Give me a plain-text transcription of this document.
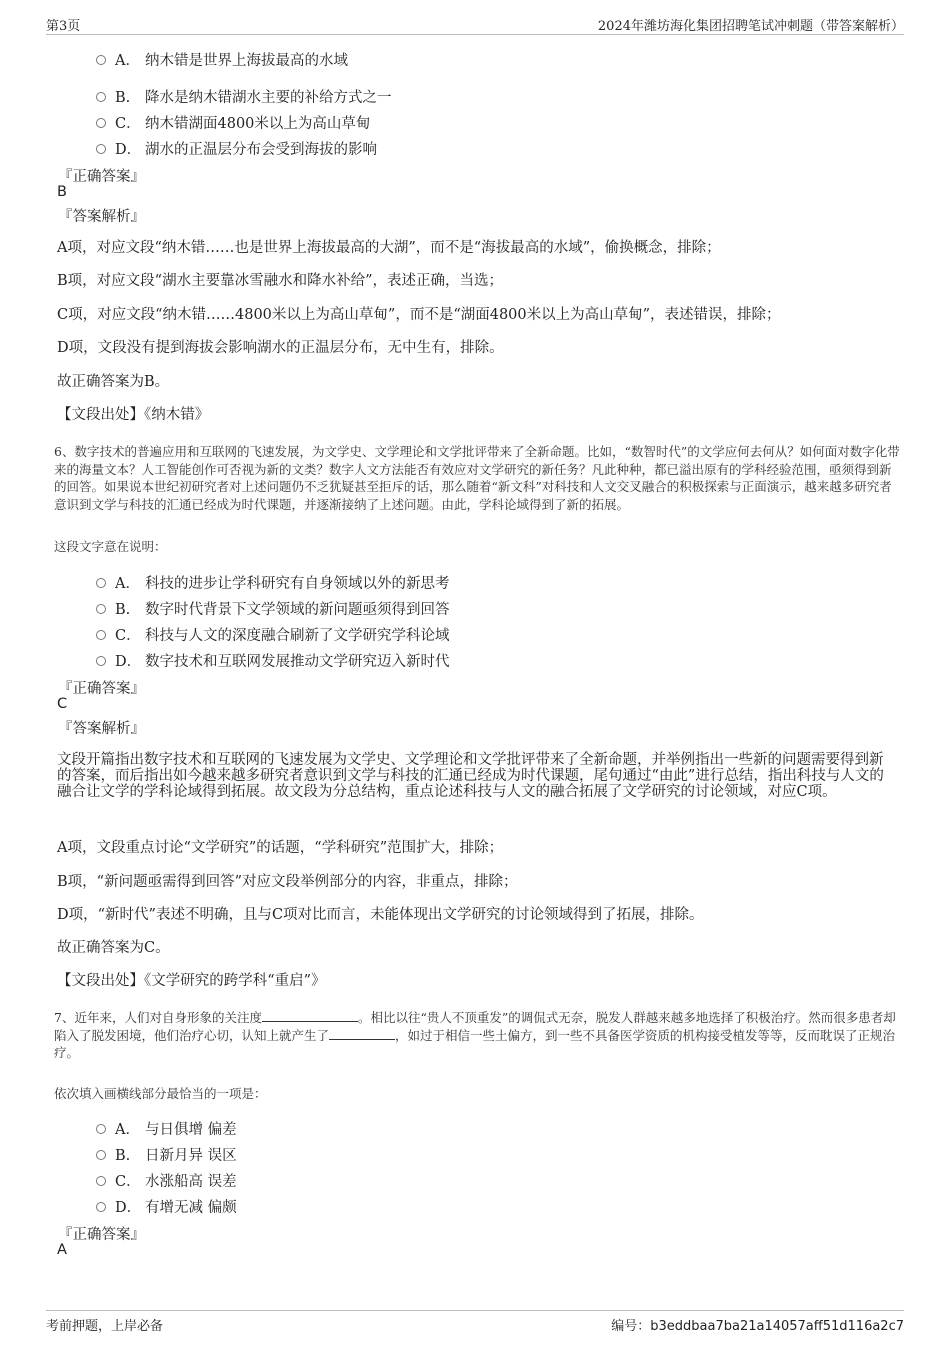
第3页	2024年潍坊海化集团招聘笔试冲刺题（带答案解析）
A． 纳木错是世界上海拔最高的水域
B. 降水是纳木错湖水主要的补给方式之一
C． 纳木错湖面4800米以上为高山草甸
D． 湖水的正温层分布会受到海拔的影响
『正确答案』
B
『答案解析』
A项，对应文段“纳木错……也是世界上海拔最高的大湖”，而不是“海拔最高的水域”，偷换概念，排除；
B项，对应文段“湖水主要靠冰雪融水和降水补给”，表述正确，当选；
C项，对应文段“纳木错……4800米以上为高山草甸”，而不是“湖面4800米以上为高山草甸”，表述错误，排除；
D项，文段没有提到海拔会影响湖水的正温层分布，无中生有，排除。
故正确答案为B。
【文段出处】《纳木错》
6、数字技术的普遍应用和互联网的飞速发展，为文学史、文学理论和文学批评带来了全新命题。比如，“数智时代”的文学应何去何从？如何面对数字化带来的海量文本？人工智能创作可否视为新的文类？数字人文方法能否有效应对文学研究的新任务？凡此种种，都已溢出原有的学科经验范围，亟须得到新的回答。如果说本世纪初研究者对上述问题仍不乏犹疑甚至拒斥的话，那么随着“新文科”对科技和人文交叉融合的积极探索与正面演示，越来越多研究者意识到文学与科技的汇通已经成为时代课题，并逐渐接纳了上述问题。由此，学科论域得到了新的拓展。
这段文字意在说明：
A． 科技的进步让学科研究有自身领域以外的新思考
B. 数字时代背景下文学领域的新问题亟须得到回答
C． 科技与人文的深度融合刷新了文学研究学科论域
D． 数字技术和互联网发展推动文学研究迈入新时代
『正确答案』
C
『答案解析』
文段开篇指出数字技术和互联网的飞速发展为文学史、文学理论和文学批评带来了全新命题，并举例指出一些新的问题需要得到新的答案，而后指出如今越来越多研究者意识到文学与科技的汇通已经成为时代课题，尾句通过“由此”进行总结，指出科技与人文的融合让文学的学科论域得到拓展。故文段为分总结构，重点论述科技与人文的融合拓展了文学研究的讨论领域，对应C项。
A项，文段重点讨论“文学研究”的话题，“学科研究”范围扩大，排除；
B项，“新问题亟需得到回答”对应文段举例部分的内容，非重点，排除；
D项，“新时代”表述不明确，且与C项对比而言，未能体现出文学研究的讨论领域得到了拓展，排除。
故正确答案为C。
【文段出处】《文学研究的跨学科“重启”》
7、近年来，人们对自身形象的关注度	。相比以往“贵人不顶重发”的调侃式无奈，脱发人群越来越多地选择了积极治疗。然而很多患者却陷入了脱发困境，他们治疗心切，认知上就产生了	，如过于相信一些土偏方，到一些不具备医学资质的机构接受植发等等，反而耽误了正规治疗。
依次填入画横线部分最恰当的一项是：
A． 与日俱增 偏差
B. 日新月异 误区
C． 水涨船高 误差
D． 有增无减 偏颇
『正确答案』
A
考前押题，上岸必备	编号：b3eddbaa7ba21a14057aff51d116a2c7
